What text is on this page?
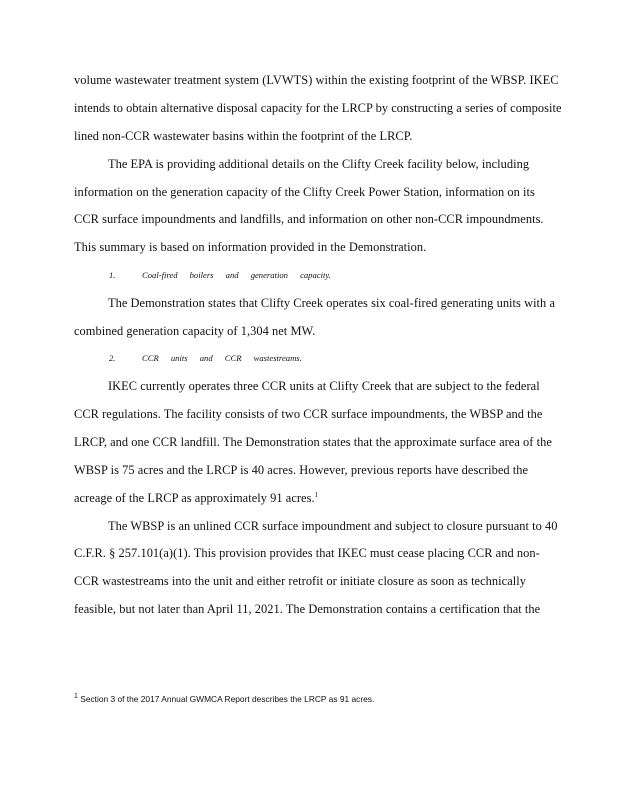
volume wastewater treatment system (LVWTS) within the existing footprint of the WBSP. IKEC
intends to obtain alternative disposal capacity for the LRCP by constructing a series of composite
lined non-CCR wastewater basins within the footprint of the LRCP.
The EPA is providing additional details on the Clifty Creek facility below, including
information on the generation capacity of the Clifty Creek Power Station, information on its
CCR surface impoundments and landfills, and information on other non-CCR impoundments.
This summary is based on information provided in the Demonstration.
1.	Coal-fired boilers and generation capacity.
The Demonstration states that Clifty Creek operates six coal-fired generating units with a
combined generation capacity of 1,304 net MW.
2.	CCR units and CCR wastestreams.
IKEC currently operates three CCR units at Clifty Creek that are subject to the federal
CCR regulations. The facility consists of two CCR surface impoundments, the WBSP and the
LRCP, and one CCR landfill. The Demonstration states that the approximate surface area of the
WBSP is 75 acres and the LRCP is 40 acres. However, previous reports have described the
acreage of the LRCP as approximately 91 acres.$^1$
The WBSP is an unlined CCR surface impoundment and subject to closure pursuant to 40
C.F.R. § 257.101(a)(1). This provision provides that IKEC must cease placing CCR and non-
CCR wastestreams into the unit and either retrofit or initiate closure as soon as technically
feasible, but not later than April 11, 2021. The Demonstration contains a certification that the
$^1$ Section 3 of the 2017 Annual GWMCA Report describes the LRCP as 91 acres.
